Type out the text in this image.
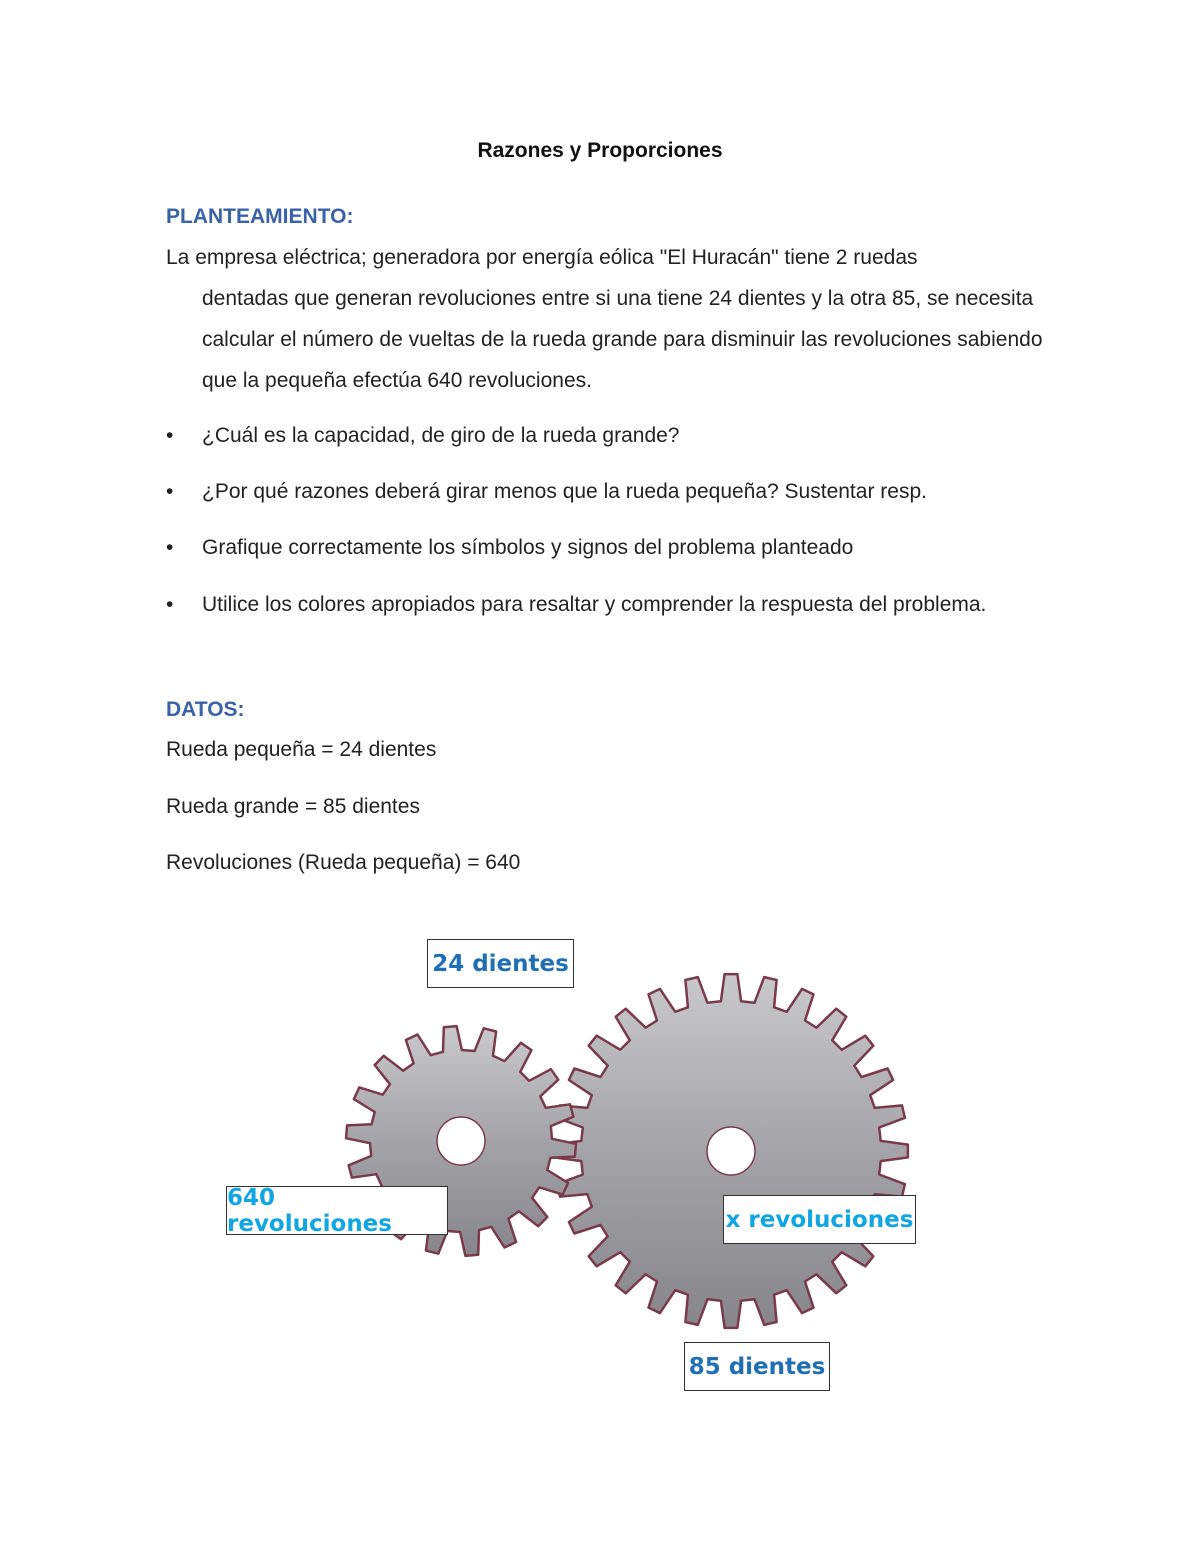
Razones y Proporciones
PLANTEAMIENTO:
La empresa eléctrica; generadora por energía eólica "El Huracán" tiene 2 ruedas
dentadas que generan revoluciones entre si una tiene 24 dientes y la otra 85, se necesita calcular el número de vueltas de la rueda grande para disminuir las revoluciones sabiendo que la pequeña efectúa 640 revoluciones.
•	¿Cuál es la capacidad, de giro de la rueda grande?
•	¿Por qué razones deberá girar menos que la rueda pequeña? Sustentar resp.
•	Grafique correctamente los símbolos y signos del problema planteado
•	Utilice los colores apropiados para resaltar y comprender la respuesta del problema.
DATOS:
Rueda pequeña = 24 dientes
Rueda grande = 85 dientes
Revoluciones (Rueda pequeña) = 640
24 dientes
640 revoluciones	x revoluciones
85 dientes
